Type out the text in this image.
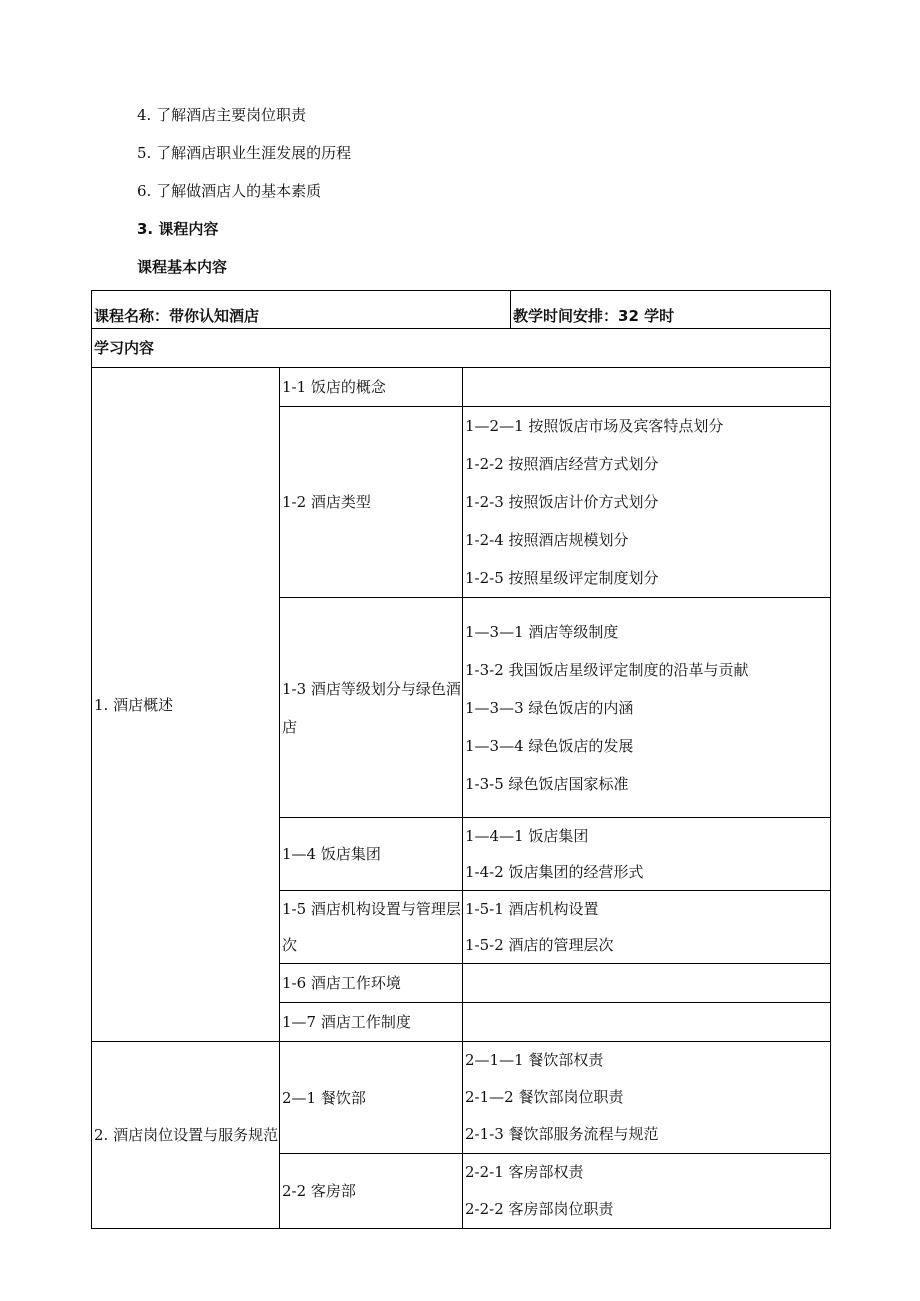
4. 了解酒店主要岗位职责
5. 了解酒店职业生涯发展的历程
6. 了解做酒店人的基本素质
3. 课程内容
课程基本内容
课程名称：带你认知酒店			教学时间安排：32 学时
学习内容			
1. 酒店概述	1-1 饭店的概念		
	1-2 酒店类型	1—2—1 按照饭店市场及宾客特点划分
1-2-2 按照酒店经营方式划分
1-2-3 按照饭店计价方式划分
1-2-4 按照酒店规模划分
1-2-5 按照星级评定制度划分	

	1-3 酒店等级划分与绿色酒店	1—3—1 酒店等级制度
1-3-2 我国饭店星级评定制度的沿革与贡献
1—3—3 绿色饭店的内涵
1—3—4 绿色饭店的发展
1-3-5 绿色饭店国家标准	

	1—4 饭店集团	1—4—1 饭店集团
1-4-2 饭店集团的经营形式	

	1-5 酒店机构设置与管理层次	1-5-1 酒店机构设置
1-5-2 酒店的管理层次	

	1-6 酒店工作环境		
	1—7 酒店工作制度		
2. 酒店岗位设置与服务规范	2—1 餐饮部	2—1—1 餐饮部权责
2-1—2 餐饮部岗位职责
2-1-3 餐饮部服务流程与规范	

	2-2 客房部	2-2-1 客房部权责
2-2-2 客房部岗位职责	
